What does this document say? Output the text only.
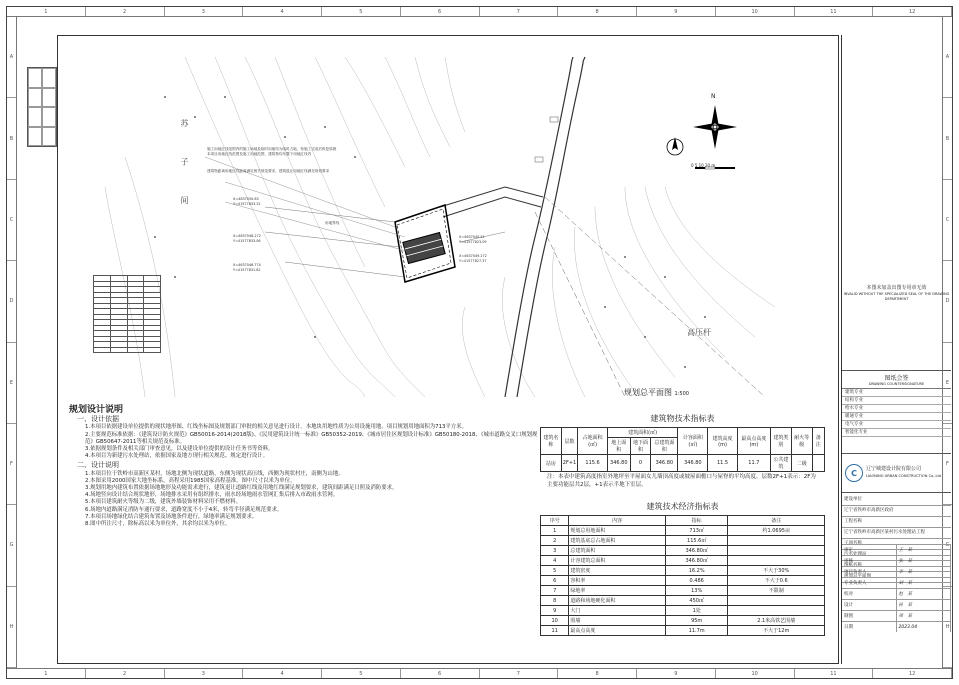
1	2	3	4	5	6	7	8	9	10	11	12
1	2	3	4	5	6	7	8	9	10	11	12
A
B
C
D
E
F
G
H
A
B
C
D
E
F
G
H
苏 子 间
高压杆
N
0 5 10 20 m
施工用地红线范围内的施工场地及临时用地均为临时占地，待施工完成后恢复原貌
本项目用地红线范围及施工用地范围，建筑物均布置于用地红线内
建筑物距离用地红线距离满足相关规范要求，建筑退让用地红线满足规划要求
用地界线
X=4637050.63
Y=41577833.32
X=4637048.272
Y=41577833.06
X=4637046.774
Y=41577831.82
X=4637040.51
Y=41577823.09
X=4637049.272
Y=41577827.37

规划总平面图 1:500
规划设计说明
一、设计依据

1.本项目依据建设单位提供的现状地形图、红线坐标图及规划部门审批的相关意见进行设计。本地块用地性质为公用设施用地，项目规划用地面积为713平方米。

2.主要规范标准依据：《建筑设计防火规范》GB50016-2014(2018版)、《民用建筑设计统一标准》GB50352-2019、《城市居住区规划设计标准》GB50180-2018、《城市道路交叉口规划规范》GB50647-2011等相关规范及标准。

3.依据规划条件及相关部门审查意见，以及建设单位提供的设计任务书等资料。

4.本项目为新建污水处理站，依据国家及地方现行相关规范、规定进行设计。

二、设计说明

1.本项目位于铁岭市高新区某村，场地北侧为现状道路，东侧为现状高压线，西侧为现状村庄，南侧为山地。

2.本图采用2000国家大地坐标系，高程采用1985国家高程基准，图中尺寸以米为单位。

3.规划用地内建筑布置依据场地地形及功能需求进行，建筑退让道路红线及用地红线满足规划要求，建筑间距满足日照及消防要求。

4.场地竖向设计结合现状地形，场地排水采用有组织排水，雨水经场地雨水管网汇集后排入市政雨水管网。

5.本项目建筑耐火等级为二级，建筑外墙装饰材料采用不燃材料。

6.场地内道路满足消防车通行要求，道路宽度不小于4米，转弯半径满足规范要求。

7.本项目场地绿化结合建筑布置及场地条件进行，绿地率满足规划要求。

8.图中所注尺寸，除标高以米为单位外，其余均以米为单位。

建筑物技术指标表
建筑名称	层数	占地面积(㎡)	建筑面积(㎡)			计容面积(㎡)	建筑高度(m)	最高点高度(m)	建筑类别	耐火等级	备注
			地上面积	地下面积	总建筑面积						
站房	2F+1	115.6	346.80	0	346.80	346.80	11.5	11.7	公共建筑	二级	
注：本表中建筑高度指室外地坪至平屋面女儿墙顶高度或坡屋面檐口与屋脊的平均高度。层数2F+1表示：2F为主要功能层共2层，+1表示半地下室层。
建筑技术经济指标表
序号	内容	指标	备注
1	规划总用地面积	713㎡	约1.0695亩
2	建筑基底总占地面积	115.6㎡	
3	总建筑面积	346.80㎡	
4	计容建筑总面积	346.80㎡	
5	建筑密度	16.2%	不大于30%
6	容积率	0.486	不大于0.6
7	绿地率	13%	不限制
8	道路和场地硬化面积	450㎡	
9	大门	1处	
10	围墙	95m	2.1米高铁艺围墙
11	最高点高度	11.7m	不大于12m
本图未加盖出图专用章无效
INVALID WITHOUT THE SPECIALIZED SEAL OF THE DRAWING DEPARTMENT
图纸会签
DRAWING COUNTERSIGNATURE
建筑专业
结构专业
给水专业
暖通专业
电气专业
智能化专业
C	辽宁城建设计院有限公司
LIAONING URBAN CONSTRUCTION Co.,Ltd
建设单位
辽宁省铁岭市高新区政府
工程名称
辽宁省铁岭市高新区某村污水处理站工程
子项名称
污水处理站
图纸名称
规划总平面图
审定	王　某
审核	张　某
项目负责人	李　某
专业负责人	刘　某
校对	赵　某
设计	孙　某
制图	周　某
日期	2023.04
